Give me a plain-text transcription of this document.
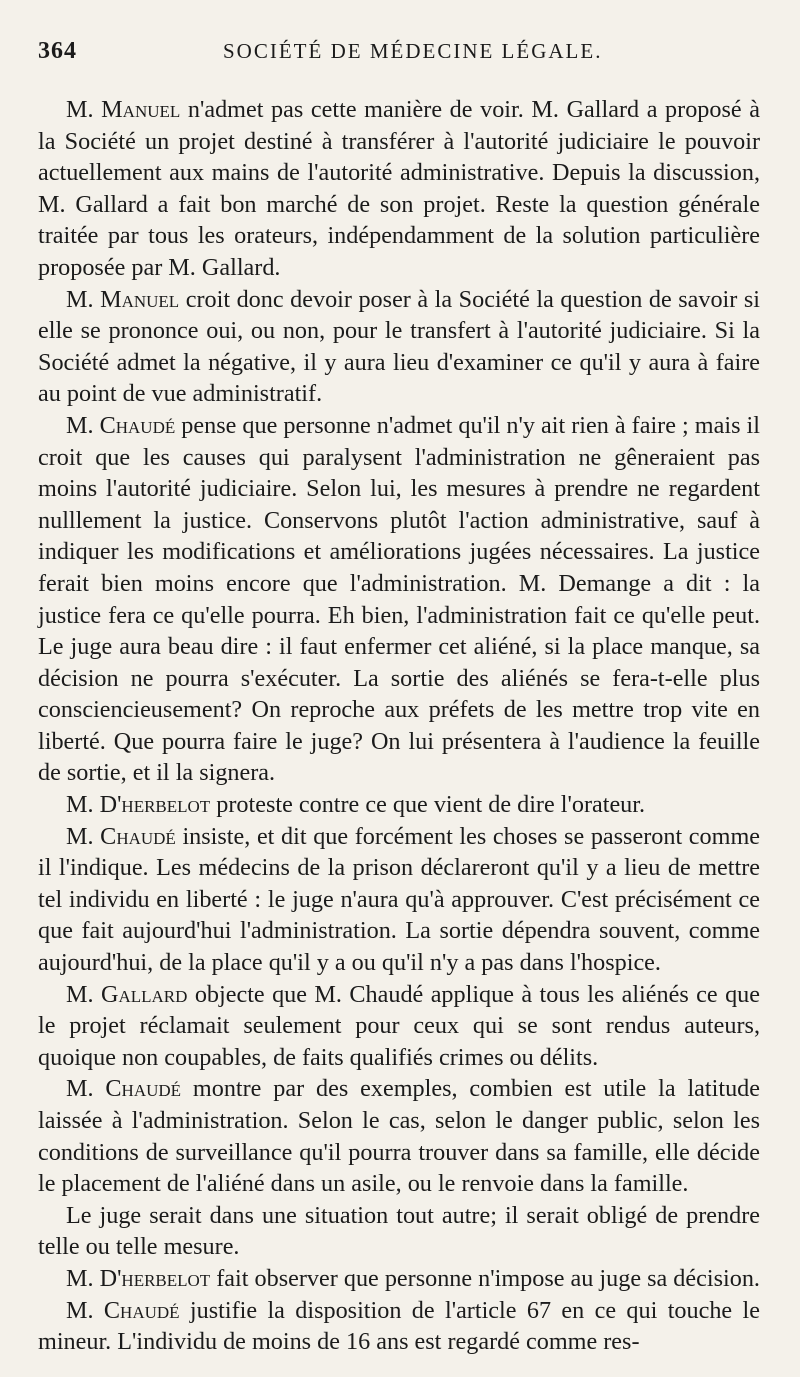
364	SOCIÉTÉ DE MÉDECINE LÉGALE.

M. Manuel n'admet pas cette manière de voir. M. Gallard a proposé à la Société un projet destiné à transférer à l'autorité judiciaire le pouvoir actuellement aux mains de l'autorité administrative. Depuis la discussion, M. Gallard a fait bon marché de son projet. Reste la question générale traitée par tous les orateurs, indépendamment de la solution particulière proposée par M. Gallard.

M. Manuel croit donc devoir poser à la Société la question de savoir si elle se prononce oui, ou non, pour le transfert à l'autorité judiciaire. Si la Société admet la négative, il y aura lieu d'examiner ce qu'il y aura à faire au point de vue administratif.

M. Chaudé pense que personne n'admet qu'il n'y ait rien à faire ; mais il croit que les causes qui paralysent l'administration ne gêneraient pas moins l'autorité judiciaire. Selon lui, les mesures à prendre ne regardent nulllement la justice. Conservons plutôt l'action administrative, sauf à indiquer les modifications et améliorations jugées nécessaires. La justice ferait bien moins encore que l'administration. M. Demange a dit : la justice fera ce qu'elle pourra. Eh bien, l'administration fait ce qu'elle peut. Le juge aura beau dire : il faut enfermer cet aliéné, si la place manque, sa décision ne pourra s'exécuter. La sortie des aliénés se fera-t-elle plus consciencieusement? On reproche aux préfets de les mettre trop vite en liberté. Que pourra faire le juge? On lui présentera à l'audience la feuille de sortie, et il la signera.

M. D'herbelot proteste contre ce que vient de dire l'orateur.

M. Chaudé insiste, et dit que forcément les choses se passeront comme il l'indique. Les médecins de la prison déclareront qu'il y a lieu de mettre tel individu en liberté : le juge n'aura qu'à approuver. C'est précisément ce que fait aujourd'hui l'administration. La sortie dépendra souvent, comme aujourd'hui, de la place qu'il y a ou qu'il n'y a pas dans l'hospice.

M. Gallard objecte que M. Chaudé applique à tous les aliénés ce que le projet réclamait seulement pour ceux qui se sont rendus auteurs, quoique non coupables, de faits qualifiés crimes ou délits.

M. Chaudé montre par des exemples, combien est utile la latitude laissée à l'administration. Selon le cas, selon le danger public, selon les conditions de surveillance qu'il pourra trouver dans sa famille, elle décide le placement de l'aliéné dans un asile, ou le renvoie dans la famille.

Le juge serait dans une situation tout autre; il serait obligé de prendre telle ou telle mesure.

M. D'herbelot fait observer que personne n'impose au juge sa décision.

M. Chaudé justifie la disposition de l'article 67 en ce qui touche le mineur. L'individu de moins de 16 ans est regardé comme res-
